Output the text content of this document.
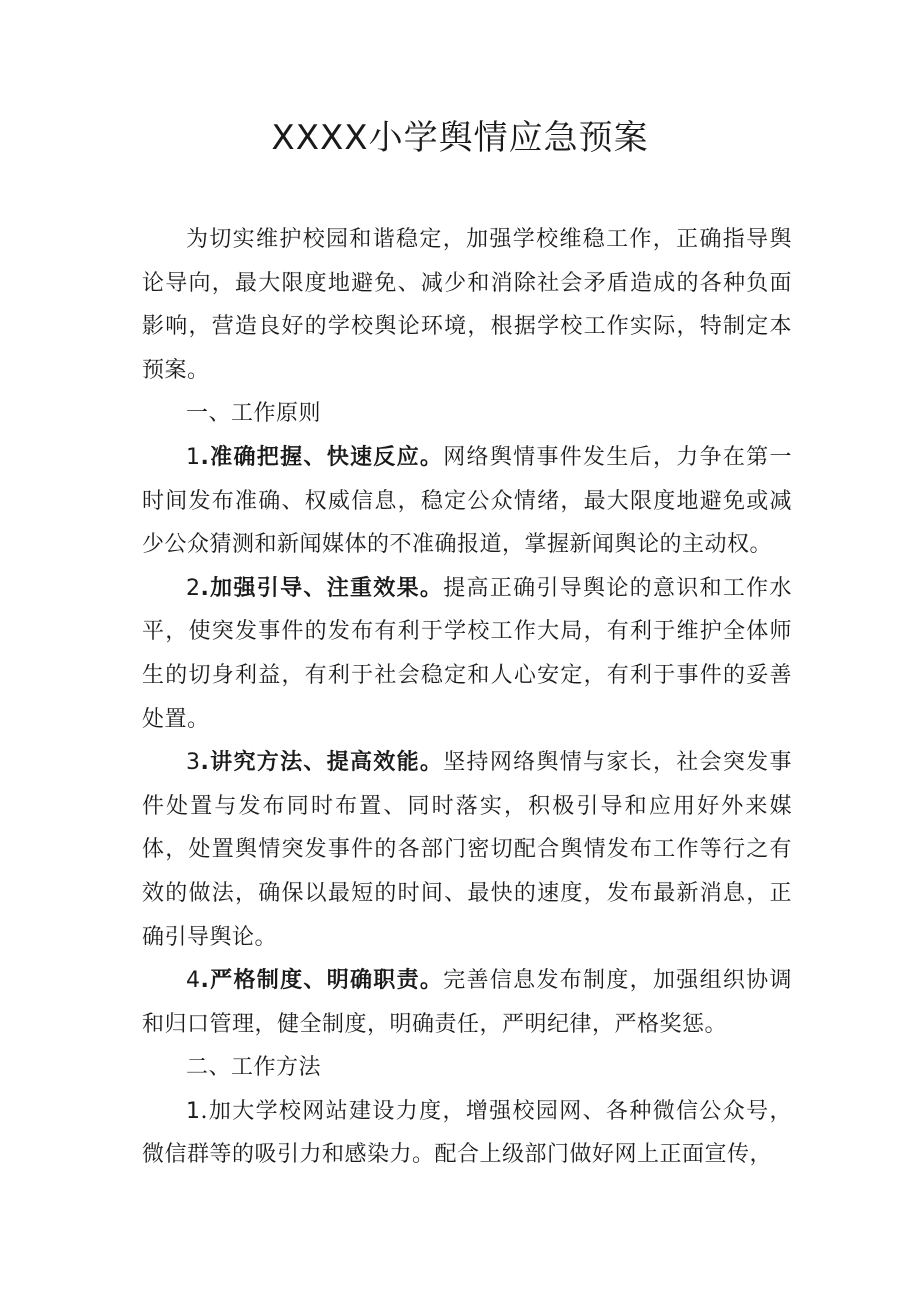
XXXX小学舆情应急预案

为切实维护校园和谐稳定，加强学校维稳工作，正确指导舆论导向，最大限度地避免、减少和消除社会矛盾造成的各种负面影响，营造良好的学校舆论环境，根据学校工作实际，特制定本预案。

一、工作原则

1.准确把握、快速反应。网络舆情事件发生后，力争在第一时间发布准确、权威信息，稳定公众情绪，最大限度地避免或减少公众猜测和新闻媒体的不准确报道，掌握新闻舆论的主动权。

2.加强引导、注重效果。提高正确引导舆论的意识和工作水平，使突发事件的发布有利于学校工作大局，有利于维护全体师生的切身利益，有利于社会稳定和人心安定，有利于事件的妥善处置。

3.讲究方法、提高效能。坚持网络舆情与家长，社会突发事件处置与发布同时布置、同时落实，积极引导和应用好外来媒体，处置舆情突发事件的各部门密切配合舆情发布工作等行之有效的做法，确保以最短的时间、最快的速度，发布最新消息，正确引导舆论。

4.严格制度、明确职责。完善信息发布制度，加强组织协调和归口管理，健全制度，明确责任，严明纪律，严格奖惩。

二、工作方法

1.加大学校网站建设力度，增强校园网、各种微信公众号，微信群等的吸引力和感染力。配合上级部门做好网上正面宣传，
